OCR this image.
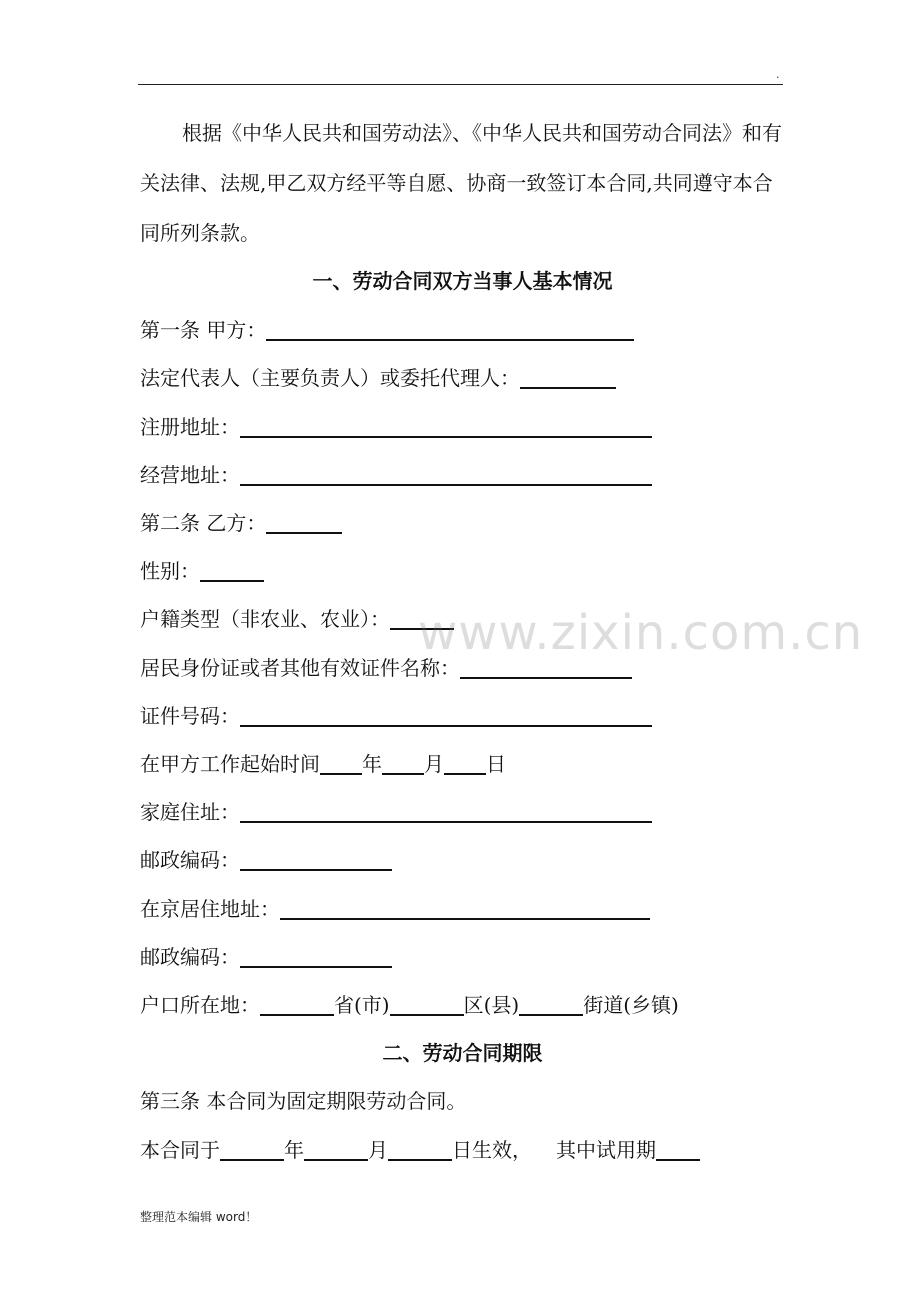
.
根据《中华人民共和国劳动法》、《中华人民共和国劳动合同法》和有关法律、法规,甲乙双方经平等自愿、协商一致签订本合同,共同遵守本合同所列条款。
一、劳动合同双方当事人基本情况
第一条 甲方：
法定代表人（主要负责人）或委托代理人：
注册地址：
经营地址：
第二条 乙方：
性别：
户籍类型（非农业、农业）：
居民身份证或者其他有效证件名称：
证件号码：
在甲方工作起始时间 年 月 日
家庭住址：
邮政编码：
在京居住地址：
邮政编码：
户口所在地：	省(市)	区(县)	街道(乡镇)
二、劳动合同期限
第三条 本合同为固定期限劳动合同。
本合同于	年	月	日生效， 其中试用期
www.zixin.com.cn
整理范本编辑 word！
